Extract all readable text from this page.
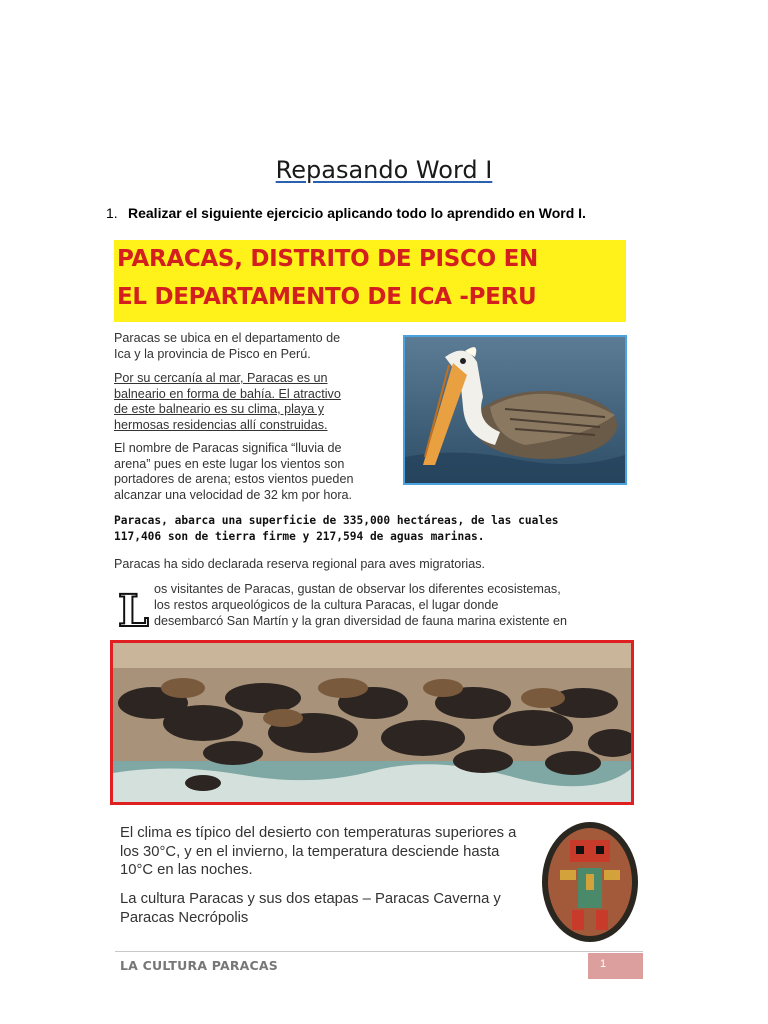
Repasando Word I
1. Realizar el siguiente ejercicio aplicando todo lo aprendido en Word I.
PARACAS, DISTRITO DE PISCO EN
EL DEPARTAMENTO DE ICA -PERU
Paracas se ubica en el departamento de
Ica y la provincia de Pisco en Perú.
Por su cercanía al mar, Paracas es un
balneario en forma de bahía. El atractivo
de este balneario es su clima, playa y
hermosas residencias allí construidas.
El nombre de Paracas significa “lluvia de
arena” pues en este lugar los vientos son
portadores de arena; estos vientos pueden
alcanzar una velocidad de 32 km por hora.
Paracas, abarca una superficie de 335,000 hectáreas, de las cuales
117,406 son de tierra firme y 217,594 de aguas marinas.
Paracas ha sido declarada reserva regional para aves migratorias.
L os visitantes de Paracas, gustan de observar los diferentes ecosistemas,
los restos arqueológicos de la cultura Paracas, el lugar donde
desembarcó San Martín y la gran diversidad de fauna marina existente en
El clima es típico del desierto con temperaturas superiores a
los 30°C, y en el invierno, la temperatura desciende hasta
10°C en las noches.
La cultura Paracas y sus dos etapas – Paracas Caverna y
Paracas Necrópolis
LA CULTURA PARACAS	1
